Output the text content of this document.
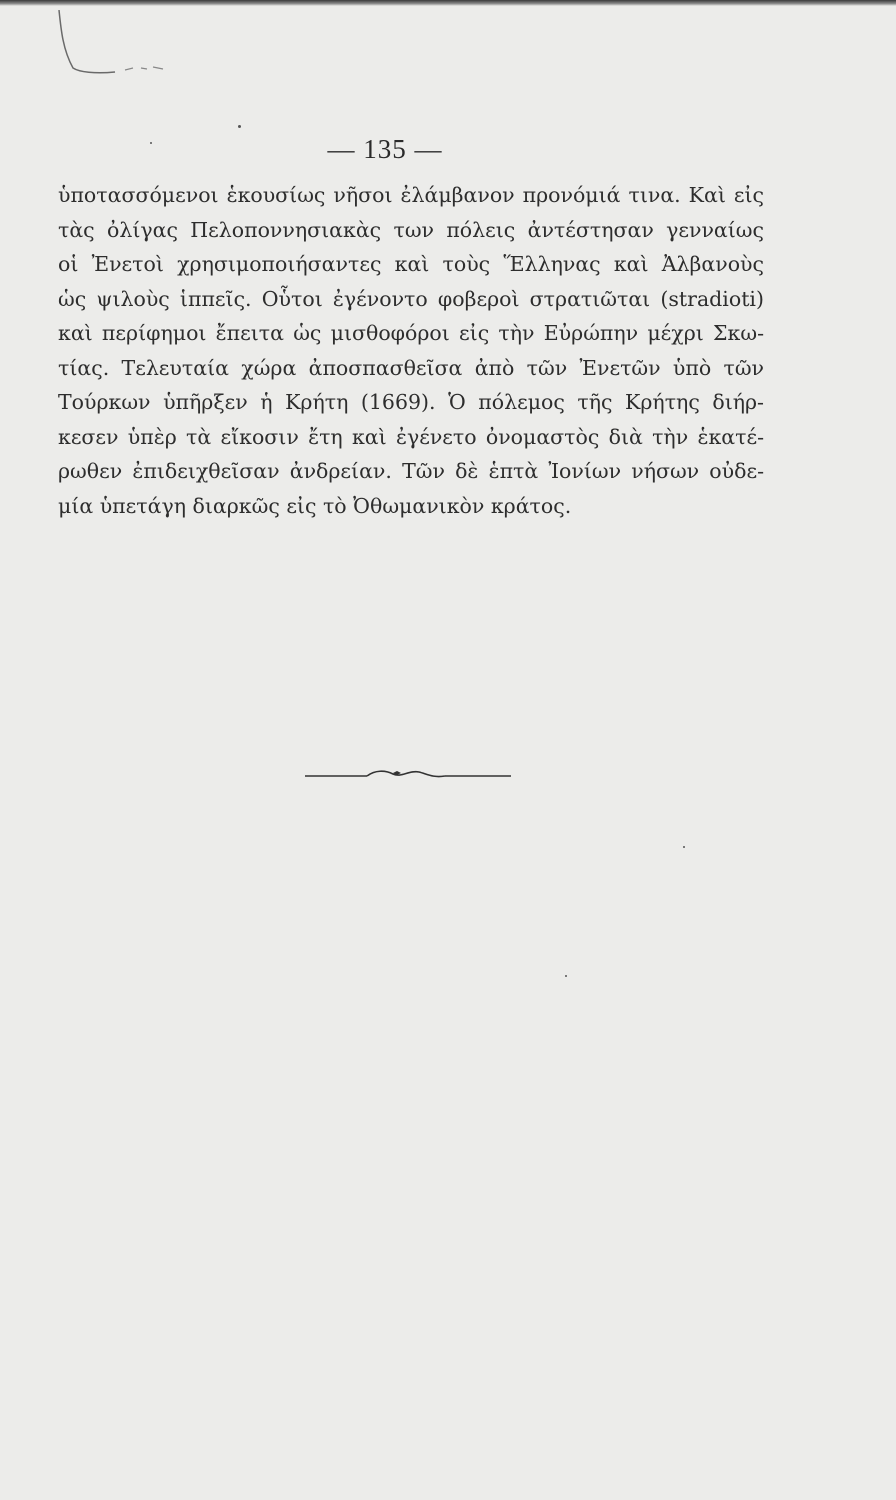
— 135 —
ὑποτασσόμενοι ἑκουσίως νῆσοι ἐλάμβανον προνόμιά τινα. Καὶ εἰς
τὰς ὀλίγας Πελοποννησιακὰς των πόλεις ἀντέστησαν γενναίως
οἱ Ἐνετοὶ χρησιμοποιήσαντες καὶ τοὺς Ἕλληνας καὶ Ἀλβανοὺς
ὡς ψιλοὺς ἱππεῖς. Οὗτοι ἐγένοντο φοβεροὶ στρατιῶται (stradioti)
καὶ περίφημοι ἔπειτα ὡς μισθοφόροι εἰς τὴν Εὐρώπην μέχρι Σκω-
τίας. Τελευταία χώρα ἀποσπασθεῖσα ἀπὸ τῶν Ἐνετῶν ὑπὸ τῶν
Τούρκων ὑπῆρξεν ἡ Κρήτη (1669). Ὁ πόλεμος τῆς Κρήτης διήρ-
κεσεν ὑπὲρ τὰ εἴκοσιν ἔτη καὶ ἐγένετο ὀνομαστὸς διὰ τὴν ἑκατέ-
ρωθεν ἐπιδειχθεῖσαν ἀνδρείαν. Τῶν δὲ ἑπτὰ Ἰονίων νήσων οὐδε-
μία ὑπετάγη διαρκῶς εἰς τὸ Ὀθωμανικὸν κράτος.
